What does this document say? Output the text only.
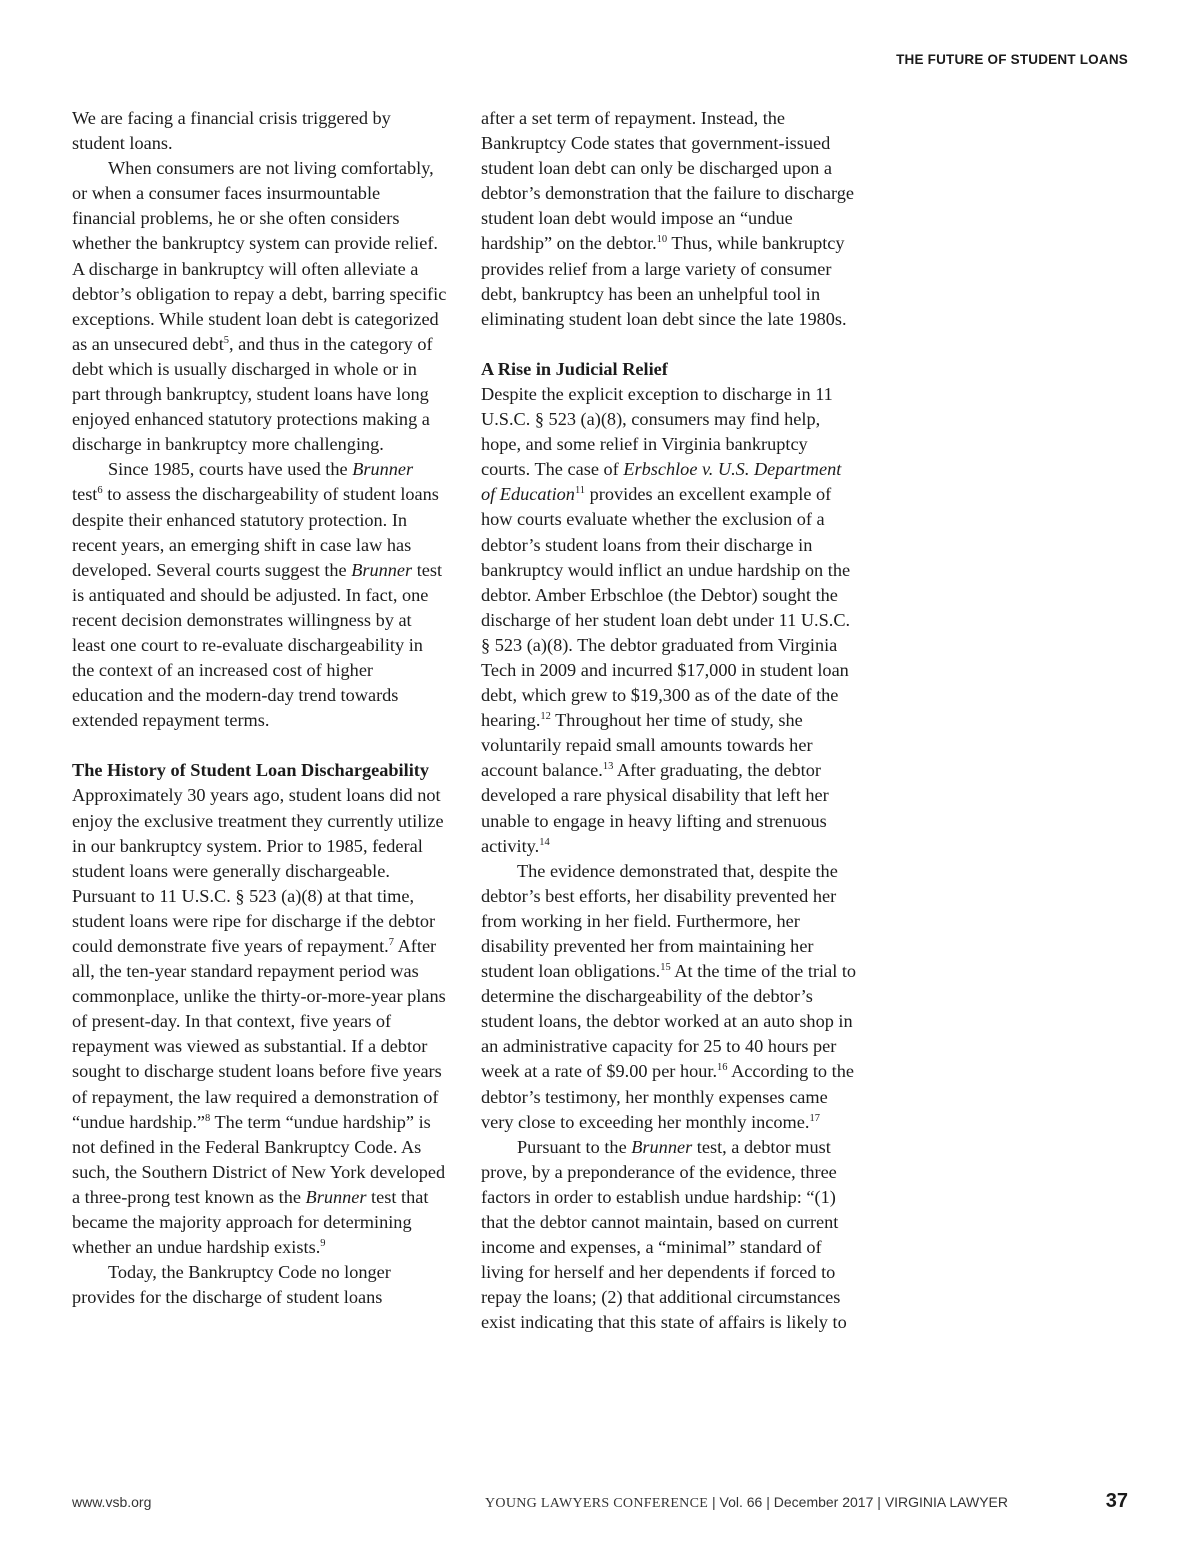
THE FUTURE OF STUDENT LOANS

We are facing a financial crisis triggered by student loans.

When consumers are not living comfortably, or when a consumer faces insurmountable financial problems, he or she often considers whether the bankruptcy system can provide relief. A discharge in bankruptcy will often alleviate a debtor’s obligation to repay a debt, barring specific exceptions. While student loan debt is categorized as an unsecured debt$^5$, and thus in the category of debt which is usually discharged in whole or in part through bankruptcy, student loans have long enjoyed enhanced statutory protections making a discharge in bankruptcy more challenging.

Since 1985, courts have used the Brunner test$^6$ to assess the dischargeability of student loans despite their enhanced statutory protection. In recent years, an emerging shift in case law has developed. Several courts suggest the Brunner test is antiquated and should be adjusted. In fact, one recent decision demonstrates willingness by at least one court to re-evaluate dischargeability in the context of an increased cost of higher education and the modern-day trend towards extended repayment terms.

The History of Student Loan Dischargeability

Approximately 30 years ago, student loans did not enjoy the exclusive treatment they currently utilize in our bankruptcy system. Prior to 1985, federal student loans were generally dischargeable. Pursuant to 11 U.S.C. § 523 (a)(8) at that time, student loans were ripe for discharge if the debtor could demonstrate five years of repayment.$^7$ After all, the ten-year standard repayment period was commonplace, unlike the thirty-or-more-year plans of present-day. In that context, five years of repayment was viewed as substantial. If a debtor sought to discharge student loans before five years of repayment, the law required a demonstration of “undue hardship.”$^8$ The term “undue hardship” is not defined in the Federal Bankruptcy Code. As such, the Southern District of New York developed a three-prong test known as the Brunner test that became the majority approach for determining whether an undue hardship exists.$^9$

Today, the Bankruptcy Code no longer provides for the discharge of student loans

after a set term of repayment. Instead, the Bankruptcy Code states that government-issued student loan debt can only be discharged upon a debtor’s demonstration that the failure to discharge student loan debt would impose an “undue hardship” on the debtor.$^{10}$ Thus, while bankruptcy provides relief from a large variety of consumer debt, bankruptcy has been an unhelpful tool in eliminating student loan debt since the late 1980s.

A Rise in Judicial Relief

Despite the explicit exception to discharge in 11 U.S.C. § 523 (a)(8), consumers may find help, hope, and some relief in Virginia bankruptcy courts. The case of Erbschloe v. U.S. Department of Education$^{11}$ provides an excellent example of how courts evaluate whether the exclusion of a debtor’s student loans from their discharge in bankruptcy would inflict an undue hardship on the debtor. Amber Erbschloe (the Debtor) sought the discharge of her student loan debt under 11 U.S.C. § 523 (a)(8). The debtor graduated from Virginia Tech in 2009 and incurred $17,000 in student loan debt, which grew to $19,300 as of the date of the hearing.$^{12}$ Throughout her time of study, she voluntarily repaid small amounts towards her account balance.$^{13}$ After graduating, the debtor developed a rare physical disability that left her unable to engage in heavy lifting and strenuous activity.$^{14}$

The evidence demonstrated that, despite the debtor’s best efforts, her disability prevented her from working in her field. Furthermore, her disability prevented her from maintaining her student loan obligations.$^{15}$ At the time of the trial to determine the dischargeability of the debtor’s student loans, the debtor worked at an auto shop in an administrative capacity for 25 to 40 hours per week at a rate of $9.00 per hour.$^{16}$ According to the debtor’s testimony, her monthly expenses came very close to exceeding her monthly income.$^{17}$

Pursuant to the Brunner test, a debtor must prove, by a preponderance of the evidence, three factors in order to establish undue hardship: “(1) that the debtor cannot maintain, based on current income and expenses, a “minimal” standard of living for herself and her dependents if forced to repay the loans; (2) that additional circumstances exist indicating that this state of affairs is likely to

www.vsb.org	YOUNG LAWYERS CONFERENCE | Vol. 66 | December 2017 | VIRGINIA LAWYER	37
